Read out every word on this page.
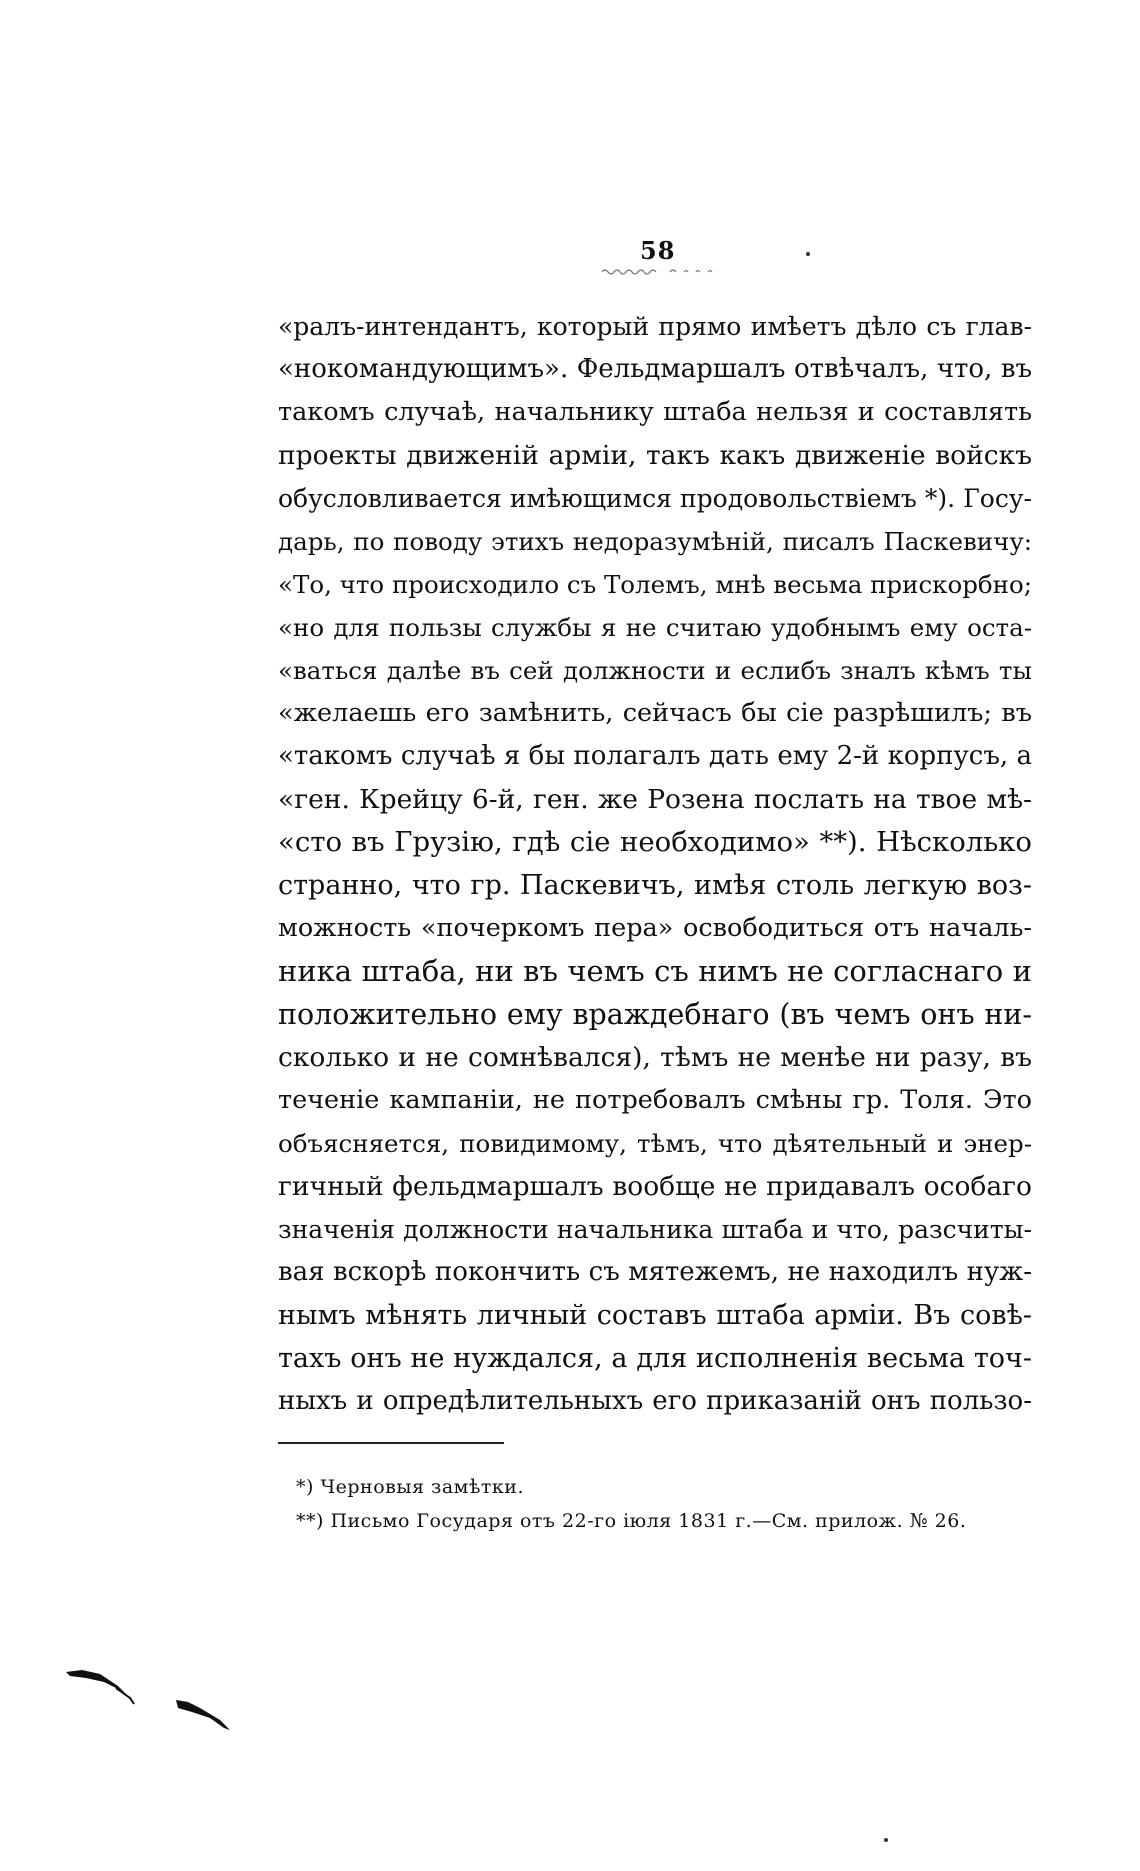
58
«ралъ-интендантъ, который прямо имѣетъ дѣло съ глав-
«нокомандующимъ». Фельдмаршалъ отвѣчалъ, что, въ
такомъ случаѣ, начальнику штаба нельзя и составлять
проекты движеній арміи, такъ какъ движеніе войскъ
обусловливается имѣющимся продовольствіемъ *). Госу-
дарь, по поводу этихъ недоразумѣній, писалъ Паскевичу:
«То, что происходило съ Толемъ, мнѣ весьма прискорбно;
«но для пользы службы я не считаю удобнымъ ему оста-
«ваться далѣе въ сей должности и еслибъ зналъ кѣмъ ты
«желаешь его замѣнить, сейчасъ бы сіе разрѣшилъ; въ
«такомъ случаѣ я бы полагалъ дать ему 2-й корпусъ, а
«ген. Крейцу 6-й, ген. же Розена послать на твое мѣ-
«сто въ Грузію, гдѣ сіе необходимо» **). Нѣсколько
странно, что гр. Паскевичъ, имѣя столь легкую воз-
можность «почеркомъ пера» освободиться отъ началь-
ника штаба, ни въ чемъ съ нимъ не согласнаго и
положительно ему враждебнаго (въ чемъ онъ ни-
сколько и не сомнѣвался), тѣмъ не менѣе ни разу, въ
теченіе кампаніи, не потребовалъ смѣны гр. Толя. Это
объясняется, повидимому, тѣмъ, что дѣятельный и энер-
гичный фельдмаршалъ вообще не придавалъ особаго
значенія должности начальника штаба и что, разсчиты-
вая вскорѣ покончить съ мятежемъ, не находилъ нуж-
нымъ мѣнять личный составъ штаба арміи. Въ совѣ-
тахъ онъ не нуждался, а для исполненія весьма точ-
ныхъ и опредѣлительныхъ его приказаній онъ пользо-
*) Черновыя замѣтки.
**) Письмо Государя отъ 22-го іюля 1831 г.—См. прилож. № 26.
